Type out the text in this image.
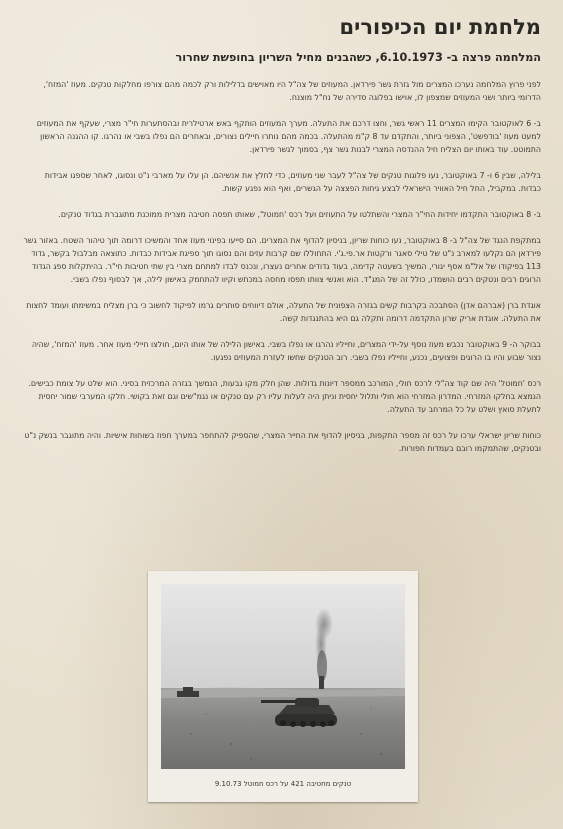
מלחמת יום הכיפורים
המלחמה פרצה ב- 6.10.1973, כשהבנים מחיל השריון בחופשת שחרור

לפני פרוץ המלחמה נערכו המצרים מול גזרת גשר פירדאן. המעוזים של צה"ל היו מאוישים בדלילות ורק לכמה מהם צורפו מחלקות טנקים. מעוז 'המזח', הדרומי ביותר ושני המעוזים שמצפון לו, אוישו בפלוגה סדירה של נח"ל מוצנח.

ב- 6 לאוקטובר הקימו המצרים 11 ראשי גשר, וחצו דרכם את התעלה. מערך המעוזים הותקף באש ארטילרית ובהסתערות חי"ר מצרי, שעקף את המעוזים למעט מעוז 'בודפשט', הצפוני ביותר, והתקדם עד 8 ק"מ מהתעלה. בכמה מהם נותרו חיילים נצורים, ובאחרים הם נפלו בשבי או נהרגו. קו ההגנה הראשון התמוטט. עוד באותו יום הצליח חיל ההנדסה המצרי לבנות גשר צף, בסמוך לגשר פירדאן.

בלילה, שבין 6 ו- 7 באוקטובר, נעו פלוגות טנקים של צה"ל לעבר שני מעוזים, כדי לחלץ את אנשיהם. הן עלו על מארבי נ"ט ונסוגו, לאחר שספגו אבידות כבדות. במקביל, החל חיל האוויר הישראלי לבצע גיחות הפצצה על הגשרים, ואף הוא נפגע קשות.

ב- 8 באוקטובר התקדמו יחידות החי"ר המצרי והשתלטו על התעוזים ועל רכס 'חמוטל', שאותו תפסה חטיבה מצרית ממוכנת מתוגברת בגדוד טנקים.

במתקפת הנגד של צה"ל ב- 8 באוקטובר, נעו כוחות שריון, בניסיון להדוף את המצרים. הם סייעו בפינוי מעוז אחד והמשיכו דרומה תוך טיהור השטח. באזור גשר פירדאן הם נקלעו למארב נ"ט של טילי סאגר ורקטות אר.פי.ג'י. התחוללו שם קרבות עזים והם נסוגו תוך ספיגת אבידות כבדות. כתוצאה מבלבול בקשר, גדוד 113 בפיקודו של אל"מ אסף יגורי, המשיך בשעטה קדימה, בעוד גדודים אחרים נעצרו, ונכנס לבדו למתחם מצרי בין שתי חטיבות חי"ר. בהיתקלות ספג הגדוד הרוגים רבים ונטקים רבים הושמדו, כולל זה של המג"ד. הוא ואנשי צוותו תפסו מחסה במכתש וקיוו להתחמק באישון לילה, אך לבסוף נפלו בשבי.

אוגדת ברן (אברהם אדן) הסתבכה בקרבות קשים בגזרה הצפונית של התעלה, אולם דיווחים סותרים גרמו לפיקוד לחשוב כי ברן מצליח במשימתו ועומד לחצות את התעלה. אוגדת אריק שרון התקדמה דרומה ותקלה גם היא בהתנגדות קשה.

בבוקר ה- 9 באוקטובר נכבש מעוז נוסף על-ידי המצרים, וחייליו נהרגו או נפלו בשבי. באישון הלילה של אותו היום, חולצו חיילי מעוז אחר. מעוז 'המזח', שהיה נצור שבוע והיו בו הרוגים ופצועים, נכנע, וחייליו נפלו בשבי. רוב הטנקים שחשו לעזרת המעוזים נפגעו.

רכס 'חמוטל' היה שם קוד צה"לי לרכס חולי, המורכב ממספר דיונות גדולות. שהן חלק מקו גבעות, הנמשך בגזרה המרכזית בסיני. הוא שלט על צומת כבישים. הנמצא בחלקו המזרחי. המדרון המזרחי הוא חולי ותלול יחסית וניתן היה לעלות עליו רק עם טנקים או נגמ"שים וגם זאת בקושי. חלקו המערבי שמור יחסית לתעלת סואץ ושלט על כל המרחב עד התעלה.

כוחות שריון ישראלי ערכו על רכס זה מספר התקפות, בניסיון להדוף את החייר המצרי, שהספיק להתחפר במערך חפוז בשוחות אישיות. והיה מתוגבר בנשק נ"ט ובטנקים, שהתמקמו רובם בעמדות חפורות.

טנקים מחטיבה 421 על רכס חמוטל 9.10.73
